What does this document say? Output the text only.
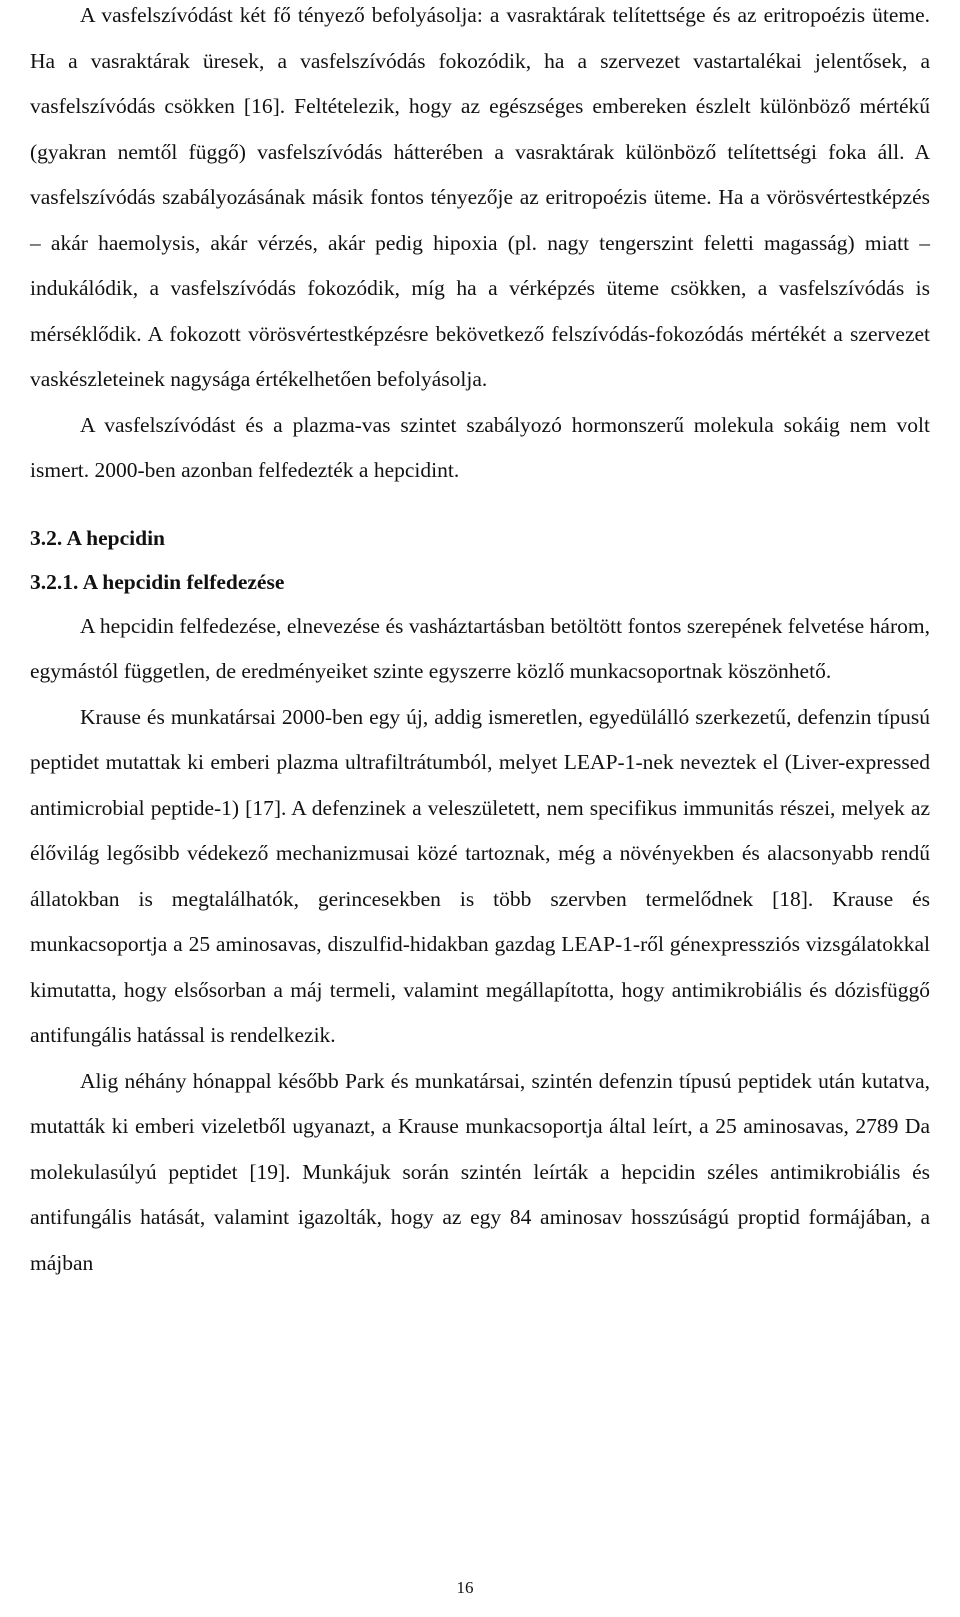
A vasfelszívódást két fő tényező befolyásolja: a vasraktárak telítettsége és az eritropoézis üteme. Ha a vasraktárak üresek, a vasfelszívódás fokozódik, ha a szervezet vastartalékai jelentősek, a vasfelszívódás csökken [16]. Feltételezik, hogy az egészséges embereken észlelt különböző mértékű (gyakran nemtől függő) vasfelszívódás hátterében a vasraktárak különböző telítettségi foka áll. A vasfelszívódás szabályozásának másik fontos tényezője az eritropoézis üteme. Ha a vörösvértestképzés – akár haemolysis, akár vérzés, akár pedig hipoxia (pl. nagy tengerszint feletti magasság) miatt – indukálódik, a vasfelszívódás fokozódik, míg ha a vérképzés üteme csökken, a vasfelszívódás is mérséklődik. A fokozott vörösvértestképzésre bekövetkező felszívódás-fokozódás mértékét a szervezet vaskészleteinek nagysága értékelhetően befolyásolja.

A vasfelszívódást és a plazma-vas szintet szabályozó hormonszerű molekula sokáig nem volt ismert. 2000-ben azonban felfedezték a hepcidint.

3.2. A hepcidin
3.2.1. A hepcidin felfedezése

A hepcidin felfedezése, elnevezése és vasháztartásban betöltött fontos szerepének felvetése három, egymástól független, de eredményeiket szinte egyszerre közlő munkacsoportnak köszönhető.

Krause és munkatársai 2000-ben egy új, addig ismeretlen, egyedülálló szerkezetű, defenzin típusú peptidet mutattak ki emberi plazma ultrafiltrátumból, melyet LEAP-1-nek neveztek el (Liver-expressed antimicrobial peptide-1) [17]. A defenzinek a veleszületett, nem specifikus immunitás részei, melyek az élővilág legősibb védekező mechanizmusai közé tartoznak, még a növényekben és alacsonyabb rendű állatokban is megtalálhatók, gerincesekben is több szervben termelődnek [18]. Krause és munkacsoportja a 25 aminosavas, diszulfid-hidakban gazdag LEAP-1-ről génexpressziós vizsgálatokkal kimutatta, hogy elsősorban a máj termeli, valamint megállapította, hogy antimikrobiális és dózisfüggő antifungális hatással is rendelkezik.

Alig néhány hónappal később Park és munkatársai, szintén defenzin típusú peptidek után kutatva, mutatták ki emberi vizeletből ugyanazt, a Krause munkacsoportja által leírt, a 25 aminosavas, 2789 Da molekulasúlyú peptidet [19]. Munkájuk során szintén leírták a hepcidin széles antimikrobiális és antifungális hatását, valamint igazolták, hogy az egy 84 aminosav hosszúságú proptid formájában, a májban

16
